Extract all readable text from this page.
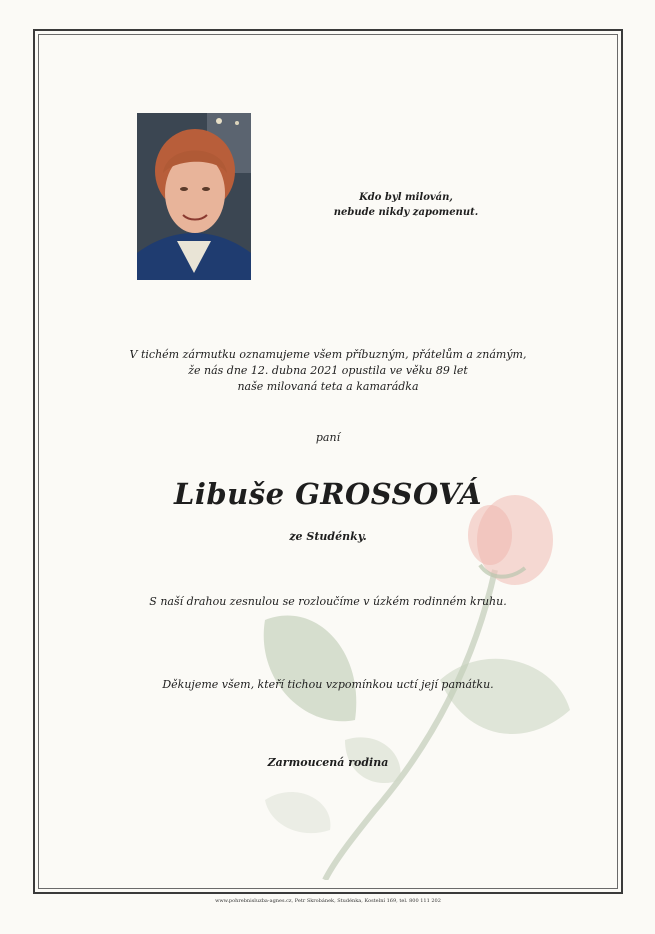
Kdo byl milován,
nebude nikdy zapomenut.
V tichém zármutku oznamujeme všem příbuzným, přátelům a známým,
že nás dne 12. dubna 2021 opustila ve věku 89 let
naše milovaná teta a kamarádka
paní
Libuše GROSSOVÁ
ze Studénky.
S naší drahou zesnulou se rozloučíme v úzkém rodinném kruhu.
Děkujeme všem, kteří tichou vzpomínkou uctí její památku.
Zarmoucená rodina
www.pohrebnisluzba-agnes.cz, Petr Skrobánek, Studénka, Kostelní 169, tel. 800 111 202
